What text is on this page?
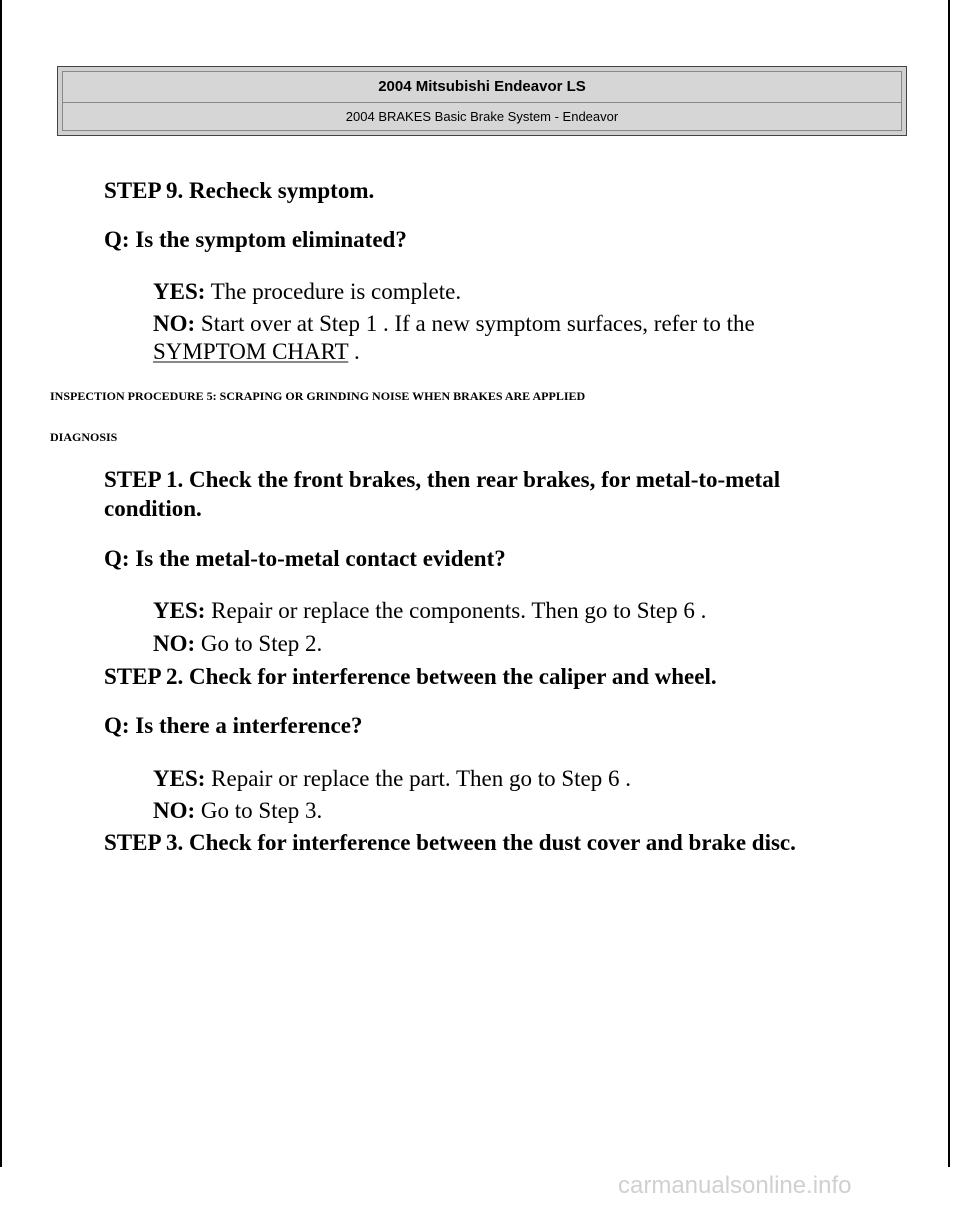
2004 Mitsubishi Endeavor LS
2004 BRAKES Basic Brake System - Endeavor
STEP 9. Recheck symptom.
Q: Is the symptom eliminated?
YES: The procedure is complete.
NO: Start over at Step 1 . If a new symptom surfaces, refer to the
SYMPTOM CHART .
INSPECTION PROCEDURE 5: SCRAPING OR GRINDING NOISE WHEN BRAKES ARE APPLIED
DIAGNOSIS
STEP 1. Check the front brakes, then rear brakes, for metal-to-metal
condition.
Q: Is the metal-to-metal contact evident?
YES: Repair or replace the components. Then go to Step 6 .
NO: Go to Step 2.
STEP 2. Check for interference between the caliper and wheel.
Q: Is there a interference?
YES: Repair or replace the part. Then go to Step 6 .
NO: Go to Step 3.
STEP 3. Check for interference between the dust cover and brake disc.
carmanualsonline.info
